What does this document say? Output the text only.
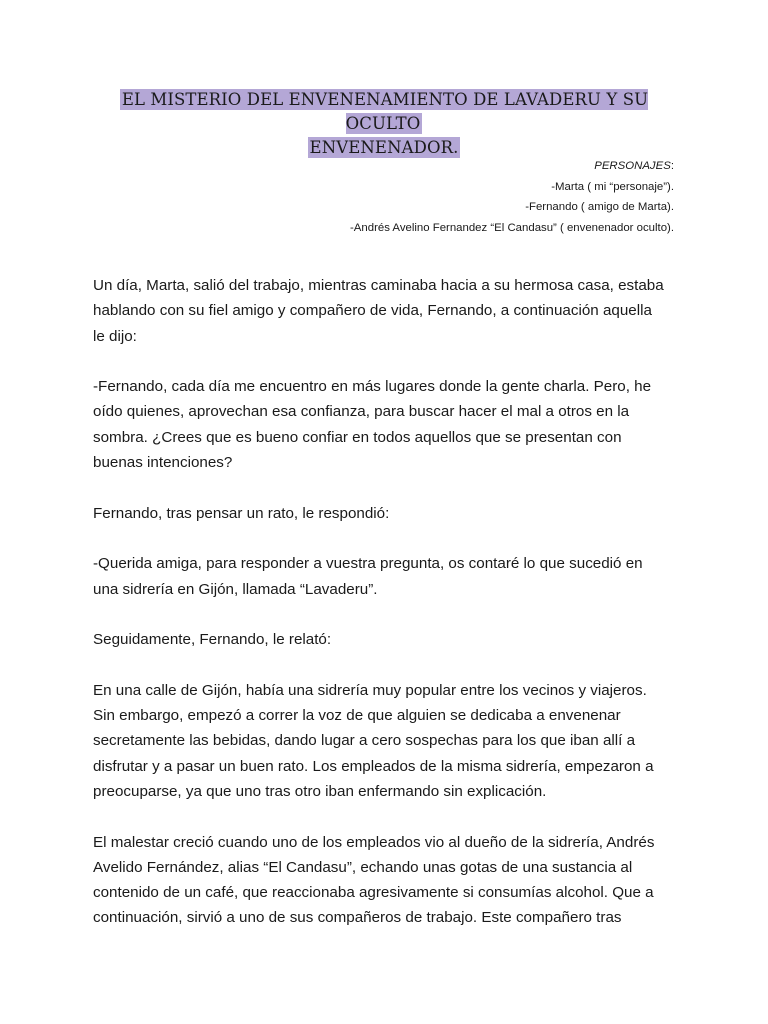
EL MISTERIO DEL ENVENENAMIENTO DE LAVADERU Y SU OCULTO
ENVENENADOR.
PERSONAJES:
-Marta ( mi “personaje”).
-Fernando ( amigo de Marta).
-Andrés Avelino Fernandez “El Candasu” ( envenenador oculto).

Un día, Marta, salió del trabajo, mientras caminaba hacia a su hermosa casa, estaba
hablando con su fiel amigo y compañero de vida, Fernando, a continuación aquella
le dijo:

-Fernando, cada día me encuentro en más lugares donde la gente charla. Pero, he
oído quienes, aprovechan esa confianza, para buscar hacer el mal a otros en la
sombra. ¿Crees que es bueno confiar en todos aquellos que se presentan con
buenas intenciones?

Fernando, tras pensar un rato, le respondió:

-Querida amiga, para responder a vuestra pregunta, os contaré lo que sucedió en
una sidrería en Gijón, llamada “Lavaderu”.

Seguidamente, Fernando, le relató:

En una calle de Gijón, había una sidrería muy popular entre los vecinos y viajeros.
Sin embargo, empezó a correr la voz de que alguien se dedicaba a envenenar
secretamente las bebidas, dando lugar a cero sospechas para los que iban allí a
disfrutar y a pasar un buen rato. Los empleados de la misma sidrería, empezaron a
preocuparse, ya que uno tras otro iban enfermando sin explicación.

El malestar creció cuando uno de los empleados vio al dueño de la sidrería, Andrés
Avelido Fernández, alias “El Candasu”, echando unas gotas de una sustancia al
contenido de un café, que reaccionaba agresivamente si consumías alcohol. Que a
continuación, sirvió a uno de sus compañeros de trabajo. Este compañero tras
